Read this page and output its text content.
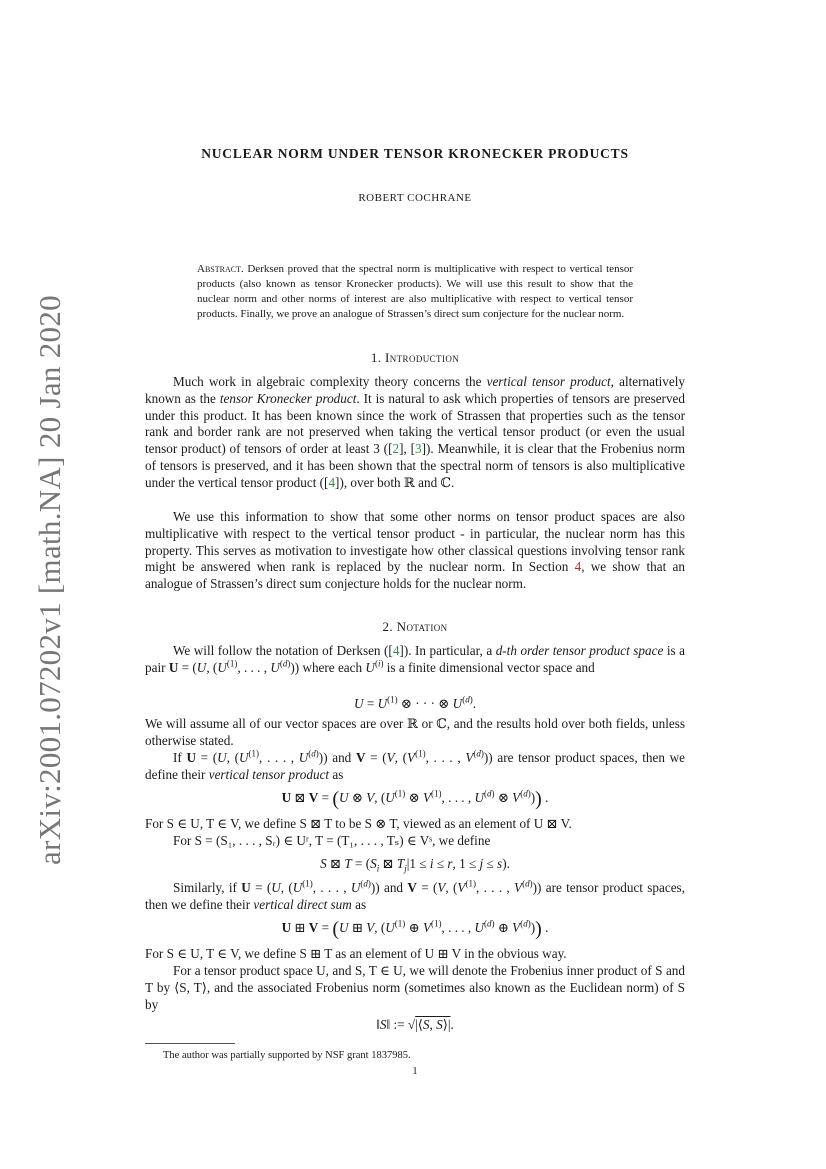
arXiv:2001.07202v1 [math.NA] 20 Jan 2020
NUCLEAR NORM UNDER TENSOR KRONECKER PRODUCTS
ROBERT COCHRANE
Abstract. Derksen proved that the spectral norm is multiplicative with respect to vertical tensor products (also known as tensor Kronecker products). We will use this result to show that the nuclear norm and other norms of interest are also multiplicative with respect to vertical tensor products. Finally, we prove an analogue of Strassen’s direct sum conjecture for the nuclear norm.
1. Introduction
Much work in algebraic complexity theory concerns the vertical tensor product, alternatively known as the tensor Kronecker product. It is natural to ask which properties of tensors are preserved under this product. It has been known since the work of Strassen that properties such as the tensor rank and border rank are not preserved when taking the vertical tensor product (or even the usual tensor product) of tensors of order at least 3 ([2], [3]). Meanwhile, it is clear that the Frobenius norm of tensors is preserved, and it has been shown that the spectral norm of tensors is also multiplicative under the vertical tensor product ([4]), over both ℝ and ℂ.
We use this information to show that some other norms on tensor product spaces are also multiplicative with respect to the vertical tensor product - in particular, the nuclear norm has this property. This serves as motivation to investigate how other classical questions involving tensor rank might be answered when rank is replaced by the nuclear norm. In Section 4, we show that an analogue of Strassen’s direct sum conjecture holds for the nuclear norm.
2. Notation
We will follow the notation of Derksen ([4]). In particular, a d-th order tensor product space is a pair U = (U, ($U^{(1)}$, . . . , $U^{(d)}$)) where each $U^{(i)}$ is a finite dimensional vector space and
$U = U^{(1)}$ ⊗ · · · ⊗ $U^{(d)}$.
We will assume all of our vector spaces are over ℝ or ℂ, and the results hold over both fields, unless otherwise stated.
If U = (U, ($U^{(1)}$, . . . , $U^{(d)}$)) and V = (V, ($V^{(1)}$, . . . , $V^{(d)}$)) are tensor product spaces, then we define their vertical tensor product as
U ⊠ V = (U ⊗ V, ($U^{(1)}$ ⊗ $V^{(1)}$, . . . , $U^{(d)}$ ⊗ $V^{(d)}$)) .
For S ∈ U, T ∈ V, we define S ⊠ T to be S ⊗ T, viewed as an element of U ⊠ V.
For S = (S₁, . . . , Sᵣ) ∈ Uʳ, T = (T₁, . . . , Tₛ) ∈ Vˢ, we define
S ⊠ $T = (S_i$ ⊠ $T_j|1 \le i \le r$, 1 ≤ j ≤ s).
Similarly, if U = (U, ($U^{(1)}$, . . . , $U^{(d)}$)) and V = (V, ($V^{(1)}$, . . . , $V^{(d)}$)) are tensor product spaces, then we define their vertical direct sum as
U ⊞ V = (U ⊞ V, ($U^{(1)}$ ⊕ $V^{(1)}$, . . . , $U^{(d)}$ ⊕ $V^{(d)}$)) .
For S ∈ U, T ∈ V, we define S ⊞ T as an element of U ⊞ V in the obvious way.
For a tensor product space U, and S, T ∈ U, we will denote the Frobenius inner product of S and T by ⟨S, T⟩, and the associated Frobenius norm (sometimes also known as the Euclidean norm) of S by
‖S‖ := √|⟨S, S⟩|.
The author was partially supported by NSF grant 1837985.
1
